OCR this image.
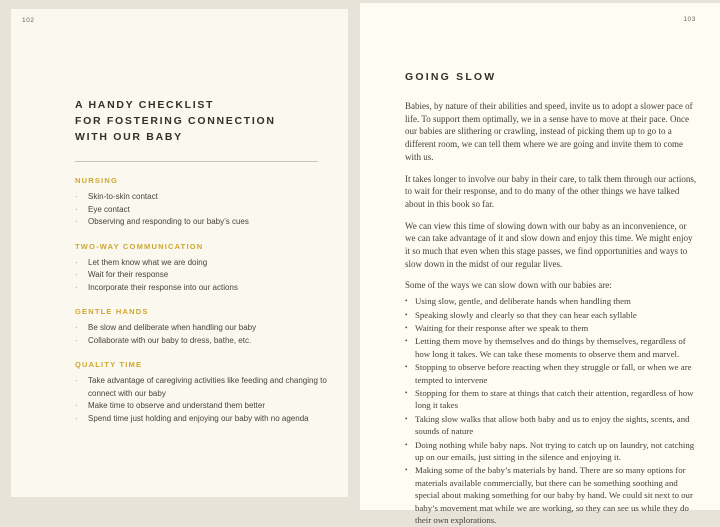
102
A HANDY CHECKLIST
FOR FOSTERING CONNECTION
WITH OUR BABY
NURSING
·	Skin-to-skin contact
·	Eye contact
·	Observing and responding to our baby’s cues
TWO-WAY COMMUNICATION
·	Let them know what we are doing
·	Wait for their response
·	Incorporate their response into our actions
GENTLE HANDS
·	Be slow and deliberate when handling our baby
·	Collaborate with our baby to dress, bathe, etc.
QUALITY TIME
·	Take advantage of caregiving activities like feeding and changing to connect with our baby
·	Make time to observe and understand them better
·	Spend time just holding and enjoying our baby with no agenda
103
GOING SLOW

Babies, by nature of their abilities and speed, invite us to adopt a slower pace of life. To support them optimally, we in a sense have to move at their pace. Once our babies are slithering or crawling, instead of picking them up to go to a different room, we can tell them where we are going and invite them to come with us.

It takes longer to involve our baby in their care, to talk them through our actions, to wait for their response, and to do many of the other things we have talked about in this book so far.

We can view this time of slowing down with our baby as an inconvenience, or we can take advantage of it and slow down and enjoy this time. We might enjoy it so much that even when this stage passes, we find opportunities and ways to slow down in the midst of our regular lives.

Some of the ways we can slow down with our babies are:

• Using slow, gentle, and deliberate hands when handling them
• Speaking slowly and clearly so that they can hear each syllable
• Waiting for their response after we speak to them
• Letting them move by themselves and do things by themselves, regardless of how long it takes. We can take these moments to observe them and marvel.
• Stopping to observe before reacting when they struggle or fall, or when we are tempted to intervene
• Stopping for them to stare at things that catch their attention, regardless of how long it takes
• Taking slow walks that allow both baby and us to enjoy the sights, scents, and sounds of nature
• Doing nothing while baby naps. Not trying to catch up on laundry, not catching up on our emails, just sitting in the silence and enjoying it.
• Making some of the baby’s materials by hand. There are so many options for materials available commercially, but there can be something soothing and special about making something for our baby by hand. We could sit next to our baby’s movement mat while we are working, so they can see us while they do their own explorations.
